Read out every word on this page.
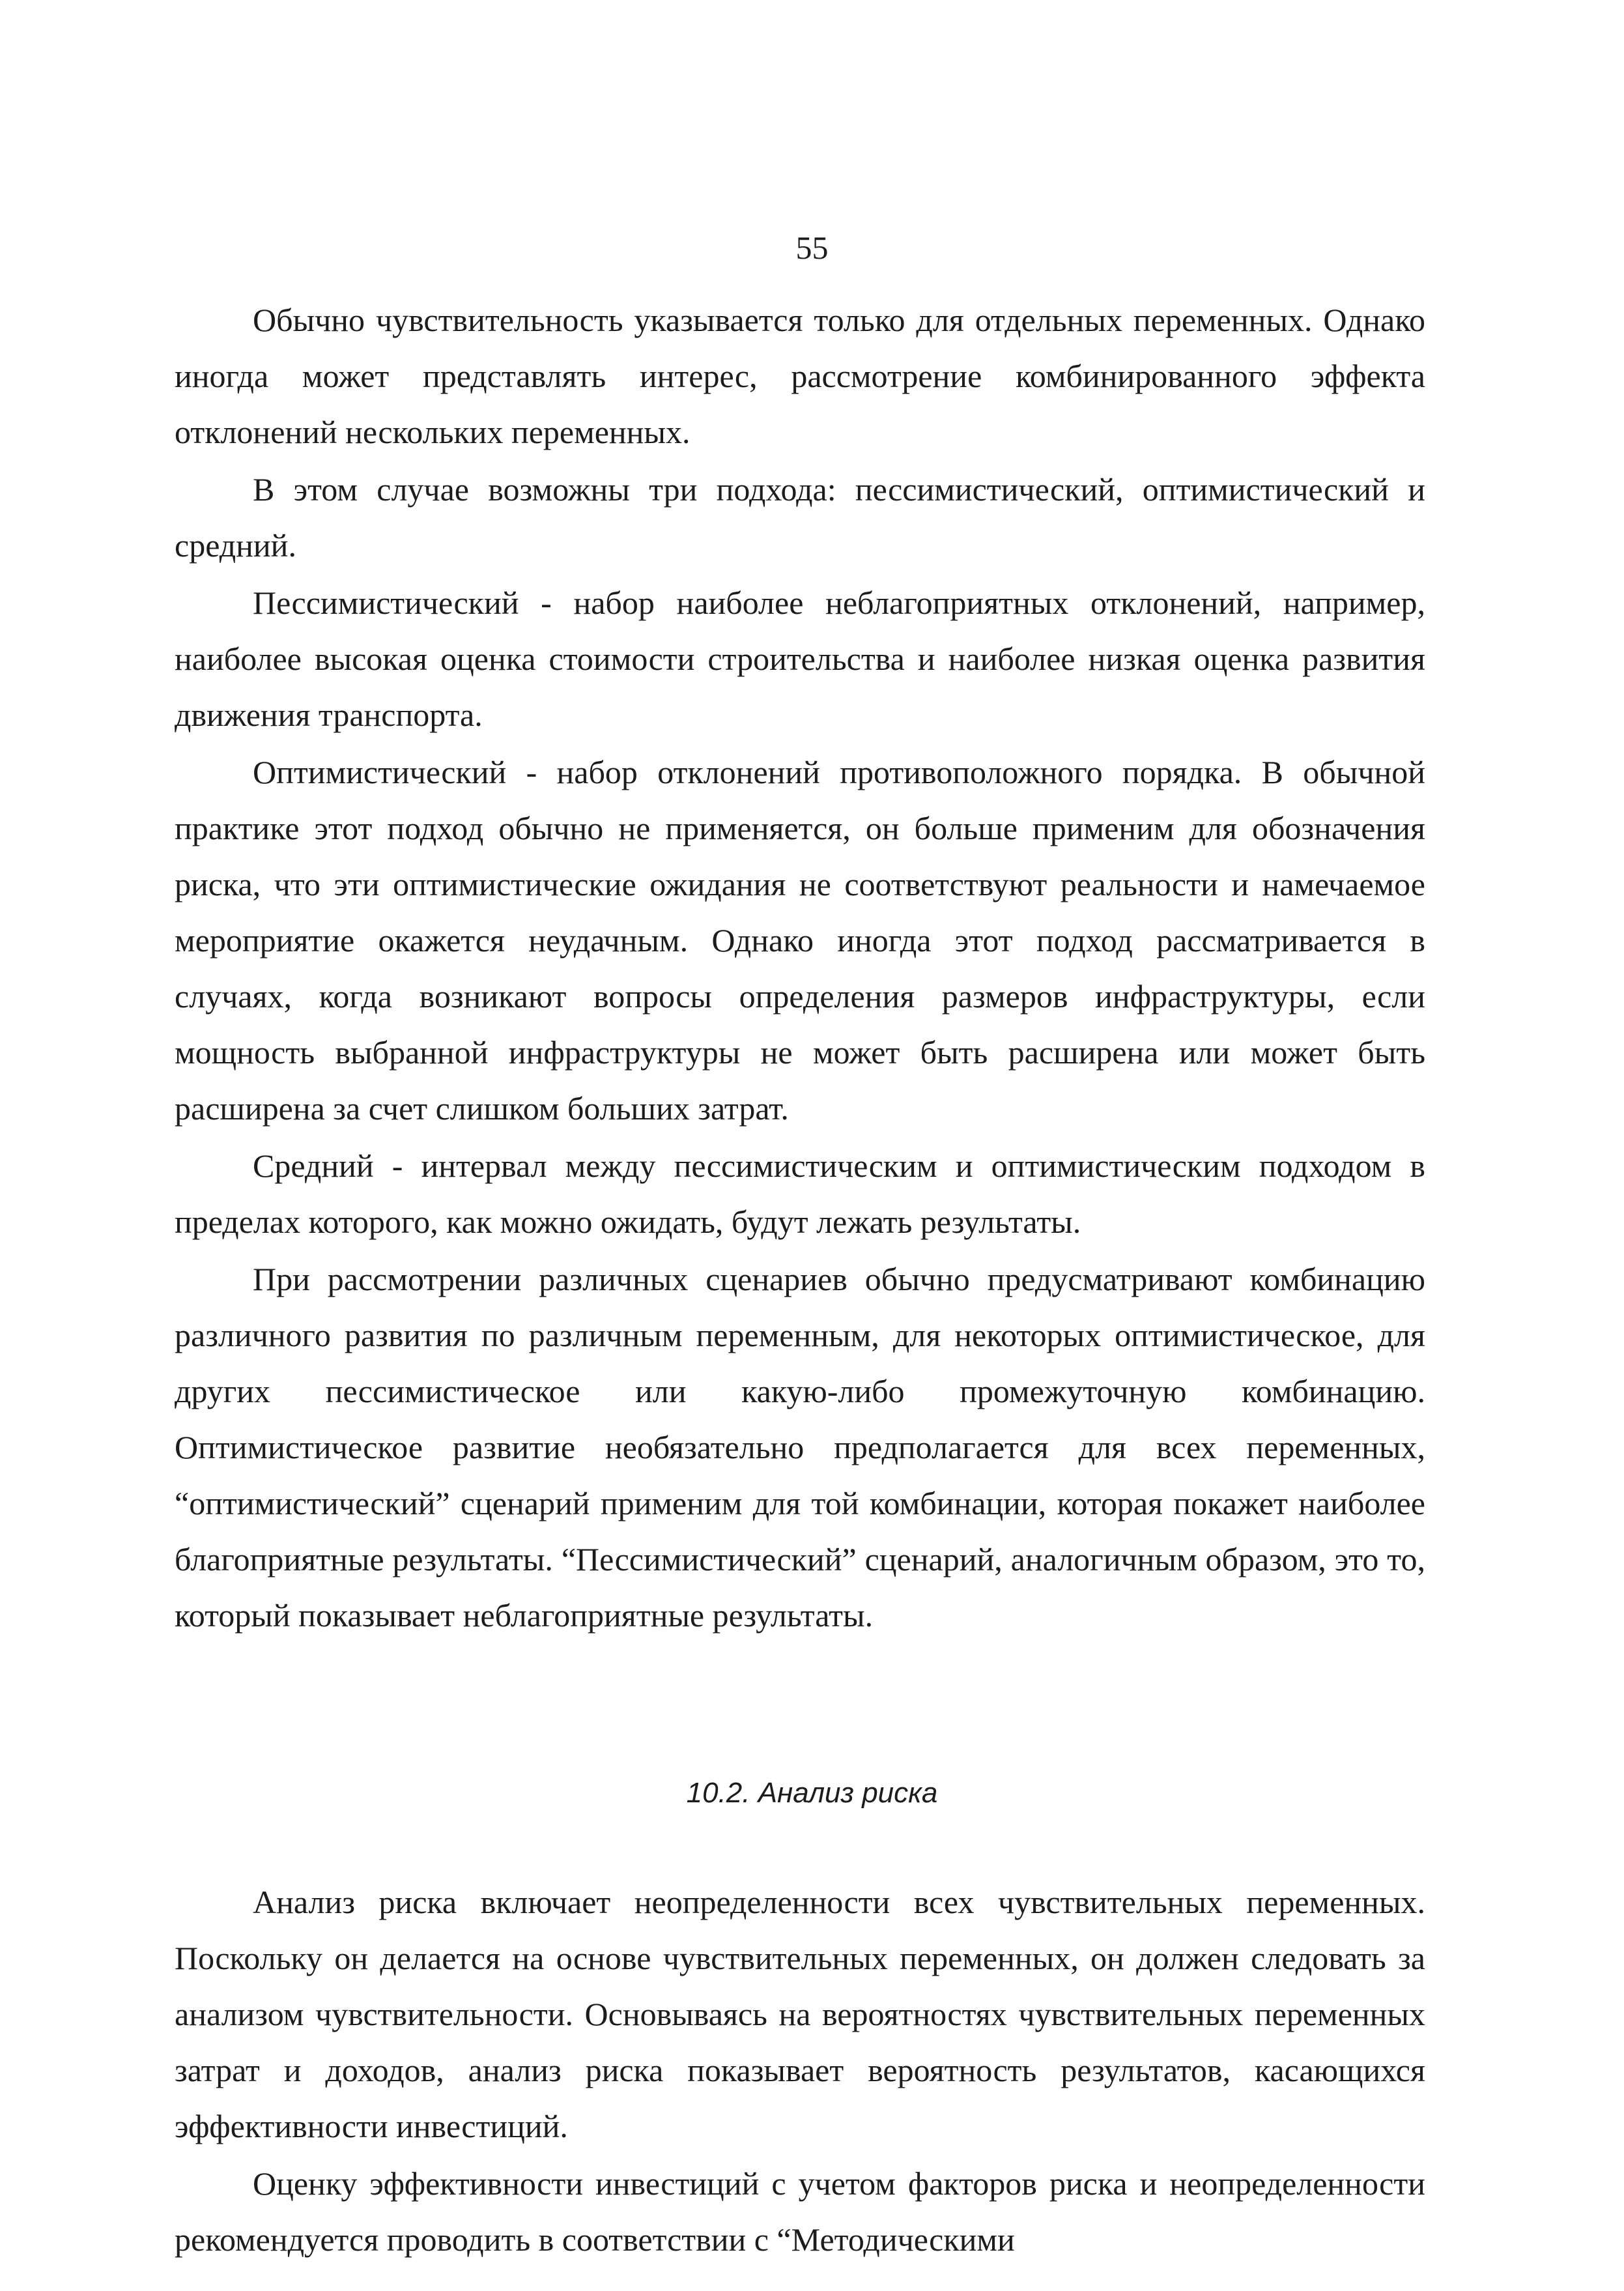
55

Обычно чувствительность указывается только для отдельных переменных. Однако иногда может представлять интерес, рассмотрение комбинированного эффекта отклонений нескольких переменных.

В этом случае возможны три подхода: пессимистический, оптимистический и средний.

Пессимистический - набор наиболее неблагоприятных отклонений, например, наиболее высокая оценка стоимости строительства и наиболее низкая оценка развития движения транспорта.

Оптимистический - набор отклонений противоположного порядка. В обычной практике этот подход обычно не применяется, он больше применим для обозначения риска, что эти оптимистические ожидания не соответствуют реальности и намечаемое мероприятие окажется неудачным. Однако иногда этот подход рассматривается в случаях, когда возникают вопросы определения размеров инфраструктуры, если мощность выбранной инфраструктуры не может быть расширена или может быть расширена за счет слишком больших затрат.

Средний - интервал между пессимистическим и оптимистическим подходом в пределах которого, как можно ожидать, будут лежать результаты.

При рассмотрении различных сценариев обычно предусматривают комбинацию различного развития по различным переменным, для некоторых оптимистическое, для других пессимистическое или какую-либо промежуточную комбинацию. Оптимистическое развитие необязательно предполагается для всех переменных, “оптимистический” сценарий применим для той комбинации, которая покажет наиболее благоприятные результаты. “Пессимистический” сценарий, аналогичным образом, это то, который показывает неблагоприятные результаты.

10.2. Анализ риска

Анализ риска включает неопределенности всех чувствительных переменных. Поскольку он делается на основе чувствительных переменных, он должен следовать за анализом чувствительности. Основываясь на вероятностях чувствительных переменных затрат и доходов, анализ риска показывает вероятность результатов, касающихся эффективности инвестиций.

Оценку эффективности инвестиций с учетом факторов риска и неопределенности рекомендуется проводить в соответствии с “Методическими
